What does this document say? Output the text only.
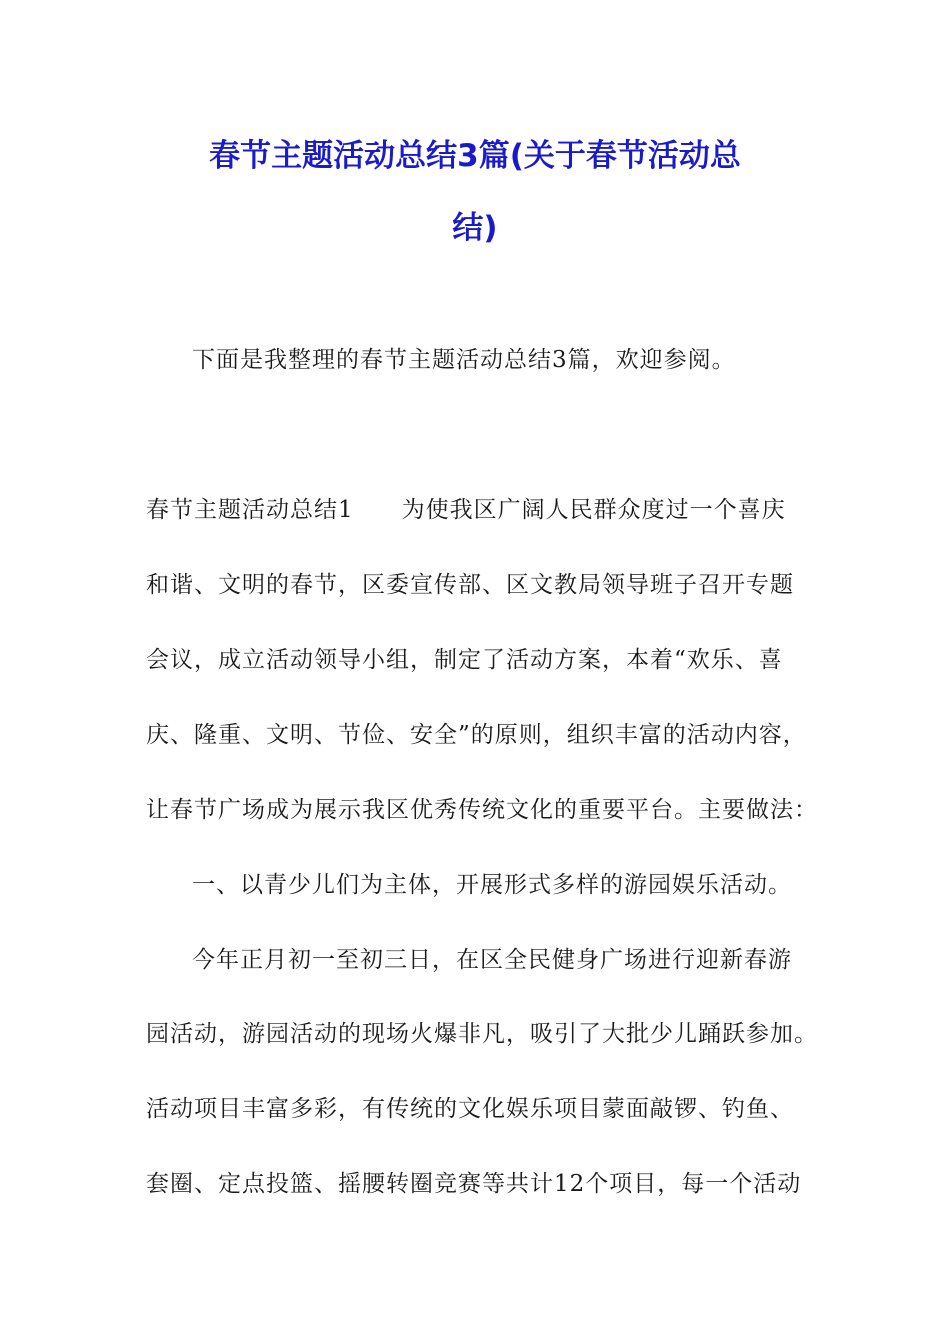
春节主题活动总结3篇(关于春节活动总
结)
下面是我整理的春节主题活动总结3篇，欢迎参阅。
春节主题活动总结1　　为使我区广阔人民群众度过一个喜庆
和谐、文明的春节，区委宣传部、区文教局领导班子召开专题
会议，成立活动领导小组，制定了活动方案，本着“欢乐、喜
庆、隆重、文明、节俭、安全”的原则，组织丰富的活动内容，
让春节广场成为展示我区优秀传统文化的重要平台。主要做法：
一、以青少儿们为主体，开展形式多样的游园娱乐活动。
今年正月初一至初三日，在区全民健身广场进行迎新春游
园活动，游园活动的现场火爆非凡，吸引了大批少儿踊跃参加。
活动项目丰富多彩，有传统的文化娱乐项目蒙面敲锣、钓鱼、
套圈、定点投篮、摇腰转圈竞赛等共计12个项目，每一个活动
